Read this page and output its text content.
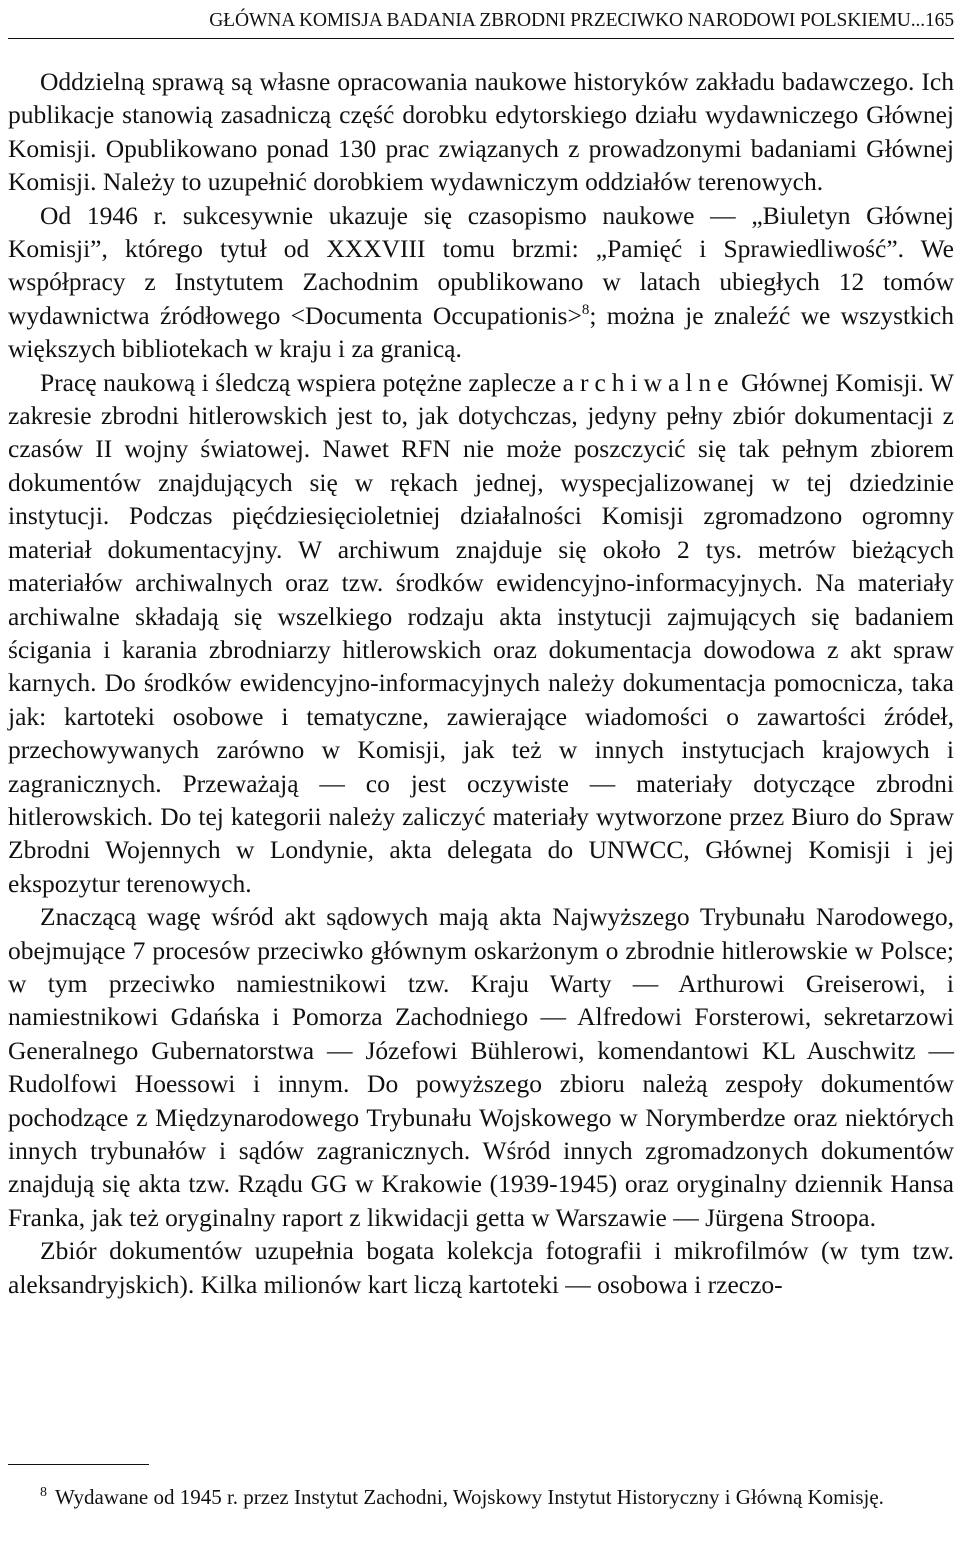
GŁÓWNA KOMISJA BADANIA ZBRODNI PRZECIWKO NARODOWI POLSKIEMU...165

Oddzielną sprawą są własne opracowania naukowe historyków zakładu badawczego. Ich publikacje stanowią zasadniczą część dorobku edytorskiego działu wydawniczego Głównej Komisji. Opublikowano ponad 130 prac związanych z prowadzonymi badaniami Głównej Komisji. Należy to uzupełnić dorobkiem wydawniczym oddziałów terenowych.

Od 1946 r. sukcesywnie ukazuje się czasopismo naukowe — „Biuletyn Głównej Komisji”, którego tytuł od XXXVIII tomu brzmi: „Pamięć i Sprawiedliwość”. We współpracy z Instytutem Zachodnim opublikowano w latach ubiegłych 12 tomów wydawnictwa źródłowego <Documenta Occupationis>$^8$; można je znaleźć we wszystkich większych bibliotekach w kraju i za granicą.

Pracę naukową i śledczą wspiera potężne zaplecze archiwalne Głównej Komisji. W zakresie zbrodni hitlerowskich jest to, jak dotychczas, jedyny pełny zbiór dokumentacji z czasów II wojny światowej. Nawet RFN nie może poszczycić się tak pełnym zbiorem dokumentów znajdujących się w rękach jednej, wyspecjalizowanej w tej dziedzinie instytucji. Podczas pięćdziesięcioletniej działalności Komisji zgromadzono ogromny materiał dokumentacyjny. W archiwum znajduje się około 2 tys. metrów bieżących materiałów archiwalnych oraz tzw. środków ewidencyjno-informacyjnych. Na materiały archiwalne składają się wszelkiego rodzaju akta instytucji zajmujących się badaniem ścigania i karania zbrodniarzy hitlerowskich oraz dokumentacja dowodowa z akt spraw karnych. Do środków ewidencyjno-informacyjnych należy dokumentacja pomocnicza, taka jak: kartoteki osobowe i tematyczne, zawierające wiadomości o zawartości źródeł, przechowywanych zarówno w Komisji, jak też w innych instytucjach krajowych i zagranicznych. Przeważają — co jest oczywiste — materiały dotyczące zbrodni hitlerowskich. Do tej kategorii należy zaliczyć materiały wytworzone przez Biuro do Spraw Zbrodni Wojennych w Londynie, akta delegata do UNWCC, Głównej Komisji i jej ekspozytur terenowych.

Znaczącą wagę wśród akt sądowych mają akta Najwyższego Trybunału Narodowego, obejmujące 7 procesów przeciwko głównym oskarżonym o zbrodnie hitlerowskie w Polsce; w tym przeciwko namiestnikowi tzw. Kraju Warty — Arthurowi Greiserowi, i namiestnikowi Gdańska i Pomorza Zachodniego — Alfredowi Forsterowi, sekretarzowi Generalnego Gubernatorstwa — Józefowi Bühlerowi, komendantowi KL Auschwitz — Rudolfowi Hoessowi i innym. Do powyższego zbioru należą zespoły dokumentów pochodzące z Międzynarodowego Trybunału Wojskowego w Norymberdze oraz niektórych innych trybunałów i sądów zagranicznych. Wśród innych zgromadzonych dokumentów znajdują się akta tzw. Rządu GG w Krakowie (1939-1945) oraz oryginalny dziennik Hansa Franka, jak też oryginalny raport z likwidacji getta w Warszawie — Jürgena Stroopa.

Zbiór dokumentów uzupełnia bogata kolekcja fotografii i mikrofilmów (w tym tzw. aleksandryjskich). Kilka milionów kart liczą kartoteki — osobowa i rzeczo-

$^8$ Wydawane od 1945 r. przez Instytut Zachodni, Wojskowy Instytut Historyczny i Główną Komisję.
